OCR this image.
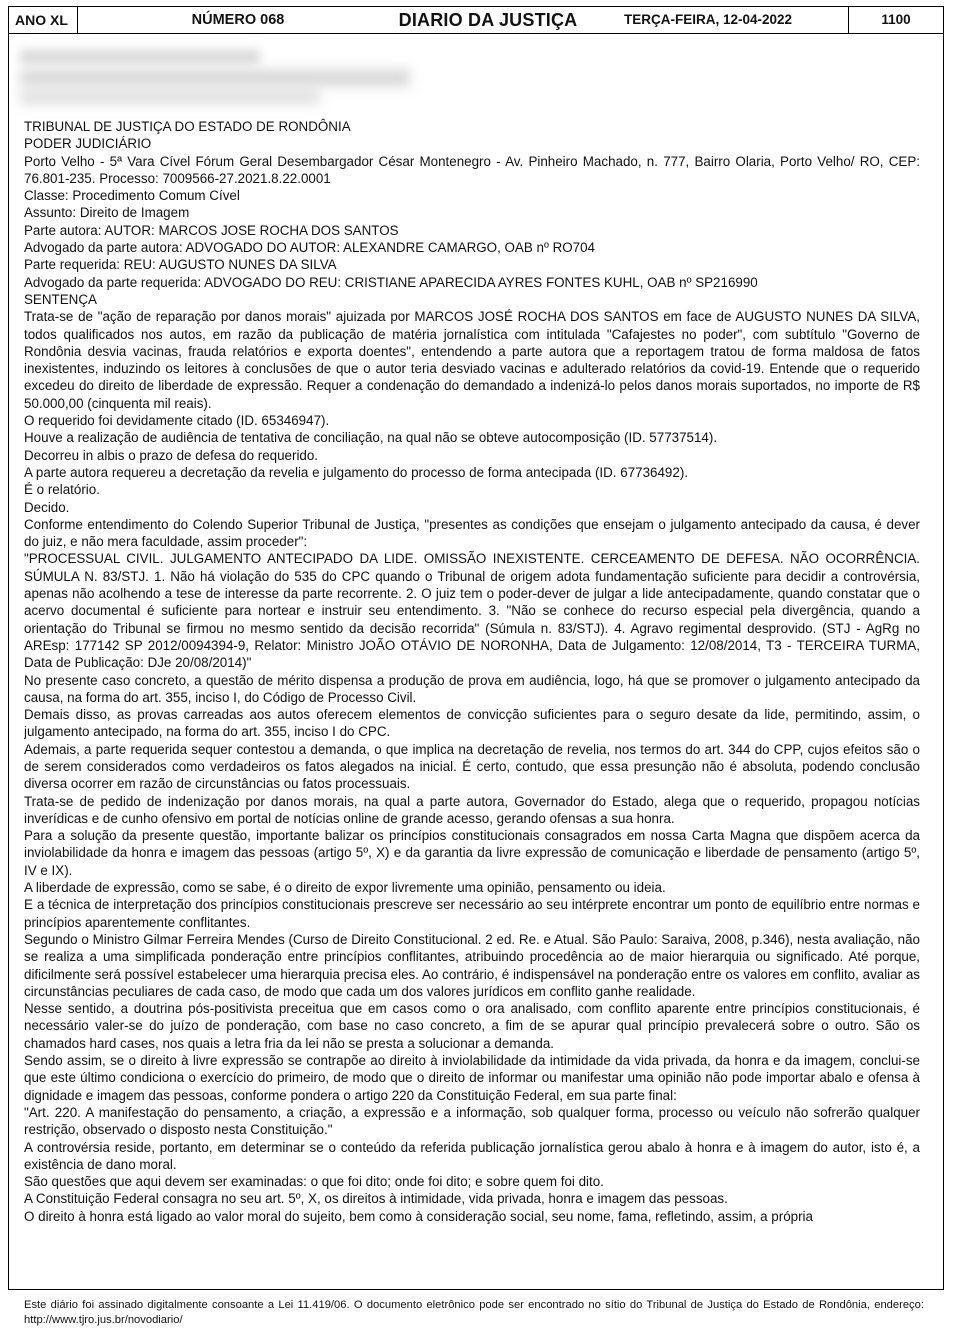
ANO XL	NÚMERO 068	DIARIO DA JUSTIÇA	TERÇA-FEIRA, 12-04-2022	1100

TRIBUNAL DE JUSTIÇA DO ESTADO DE RONDÔNIA

PODER JUDICIÁRIO

Porto Velho - 5ª Vara Cível Fórum Geral Desembargador César Montenegro - Av. Pinheiro Machado, n. 777, Bairro Olaria, Porto Velho/ RO, CEP: 76.801-235. Processo: 7009566-27.2021.8.22.0001

Classe: Procedimento Comum Cível

Assunto: Direito de Imagem

Parte autora: AUTOR: MARCOS JOSE ROCHA DOS SANTOS

Advogado da parte autora: ADVOGADO DO AUTOR: ALEXANDRE CAMARGO, OAB nº RO704

Parte requerida: REU: AUGUSTO NUNES DA SILVA

Advogado da parte requerida: ADVOGADO DO REU: CRISTIANE APARECIDA AYRES FONTES KUHL, OAB nº SP216990

SENTENÇA

Trata-se de "ação de reparação por danos morais" ajuizada por MARCOS JOSÉ ROCHA DOS SANTOS em face de AUGUSTO NUNES DA SILVA, todos qualificados nos autos, em razão da publicação de matéria jornalística com intitulada "Cafajestes no poder", com subtítulo "Governo de Rondônia desvia vacinas, frauda relatórios e exporta doentes", entendendo a parte autora que a reportagem tratou de forma maldosa de fatos inexistentes, induzindo os leitores à conclusões de que o autor teria desviado vacinas e adulterado relatórios da covid-19. Entende que o requerido excedeu do direito de liberdade de expressão. Requer a condenação do demandado a indenizá-lo pelos danos morais suportados, no importe de R$ 50.000,00 (cinquenta mil reais).

O requerido foi devidamente citado (ID. 65346947).

Houve a realização de audiência de tentativa de conciliação, na qual não se obteve autocomposição (ID. 57737514).

Decorreu in albis o prazo de defesa do requerido.

A parte autora requereu a decretação da revelia e julgamento do processo de forma antecipada (ID. 67736492).

É o relatório.

Decido.

Conforme entendimento do Colendo Superior Tribunal de Justiça, "presentes as condições que ensejam o julgamento antecipado da causa, é dever do juiz, e não mera faculdade, assim proceder":

"PROCESSUAL CIVIL. JULGAMENTO ANTECIPADO DA LIDE. OMISSÃO INEXISTENTE. CERCEAMENTO DE DEFESA. NÃO OCORRÊNCIA. SÚMULA N. 83/STJ. 1. Não há violação do 535 do CPC quando o Tribunal de origem adota fundamentação suficiente para decidir a controvérsia, apenas não acolhendo a tese de interesse da parte recorrente. 2. O juiz tem o poder-dever de julgar a lide antecipadamente, quando constatar que o acervo documental é suficiente para nortear e instruir seu entendimento. 3. "Não se conhece do recurso especial pela divergência, quando a orientação do Tribunal se firmou no mesmo sentido da decisão recorrida" (Súmula n. 83/STJ). 4. Agravo regimental desprovido. (STJ - AgRg no AREsp: 177142 SP 2012/0094394-9, Relator: Ministro JOÃO OTÁVIO DE NORONHA, Data de Julgamento: 12/08/2014, T3 - TERCEIRA TURMA, Data de Publicação: DJe 20/08/2014)"

No presente caso concreto, a questão de mérito dispensa a produção de prova em audiência, logo, há que se promover o julgamento antecipado da causa, na forma do art. 355, inciso I, do Código de Processo Civil.

Demais disso, as provas carreadas aos autos oferecem elementos de convicção suficientes para o seguro desate da lide, permitindo, assim, o julgamento antecipado, na forma do art. 355, inciso I do CPC.

Ademais, a parte requerida sequer contestou a demanda, o que implica na decretação de revelia, nos termos do art. 344 do CPP, cujos efeitos são o de serem considerados como verdadeiros os fatos alegados na inicial. É certo, contudo, que essa presunção não é absoluta, podendo conclusão diversa ocorrer em razão de circunstâncias ou fatos processuais.

Trata-se de pedido de indenização por danos morais, na qual a parte autora, Governador do Estado, alega que o requerido, propagou notícias inverídicas e de cunho ofensivo em portal de notícias online de grande acesso, gerando ofensas a sua honra.

Para a solução da presente questão, importante balizar os princípios constitucionais consagrados em nossa Carta Magna que dispõem acerca da inviolabilidade da honra e imagem das pessoas (artigo 5º, X) e da garantia da livre expressão de comunicação e liberdade de pensamento (artigo 5º, IV e IX).

A liberdade de expressão, como se sabe, é o direito de expor livremente uma opinião, pensamento ou ideia.

E a técnica de interpretação dos princípios constitucionais prescreve ser necessário ao seu intérprete encontrar um ponto de equilíbrio entre normas e princípios aparentemente conflitantes.

Segundo o Ministro Gilmar Ferreira Mendes (Curso de Direito Constitucional. 2 ed. Re. e Atual. São Paulo: Saraiva, 2008, p.346), nesta avaliação, não se realiza a uma simplificada ponderação entre princípios conflitantes, atribuindo procedência ao de maior hierarquia ou significado. Até porque, dificilmente será possível estabelecer uma hierarquia precisa eles. Ao contrário, é indispensável na ponderação entre os valores em conflito, avaliar as circunstâncias peculiares de cada caso, de modo que cada um dos valores jurídicos em conflito ganhe realidade.

Nesse sentido, a doutrina pós-positivista preceitua que em casos como o ora analisado, com conflito aparente entre princípios constitucionais, é necessário valer-se do juízo de ponderação, com base no caso concreto, a fim de se apurar qual princípio prevalecerá sobre o outro. São os chamados hard cases, nos quais a letra fria da lei não se presta a solucionar a demanda.

Sendo assim, se o direito à livre expressão se contrapõe ao direito à inviolabilidade da intimidade da vida privada, da honra e da imagem, conclui-se que este último condiciona o exercício do primeiro, de modo que o direito de informar ou manifestar uma opinião não pode importar abalo e ofensa à dignidade e imagem das pessoas, conforme pondera o artigo 220 da Constituição Federal, em sua parte final:

"Art. 220. A manifestação do pensamento, a criação, a expressão e a informação, sob qualquer forma, processo ou veículo não sofrerão qualquer restrição, observado o disposto nesta Constituição."

A controvérsia reside, portanto, em determinar se o conteúdo da referida publicação jornalística gerou abalo à honra e à imagem do autor, isto é, a existência de dano moral.

São questões que aqui devem ser examinadas: o que foi dito; onde foi dito; e sobre quem foi dito.

A Constituição Federal consagra no seu art. 5º, X, os direitos à intimidade, vida privada, honra e imagem das pessoas.

O direito à honra está ligado ao valor moral do sujeito, bem como à consideração social, seu nome, fama, refletindo, assim, a própria

Este diário foi assinado digitalmente consoante a Lei 11.419/06. O documento eletrônico pode ser encontrado no sítio do Tribunal de Justiça do Estado de Rondônia, endereço: http://www.tjro.jus.br/novodiario/
